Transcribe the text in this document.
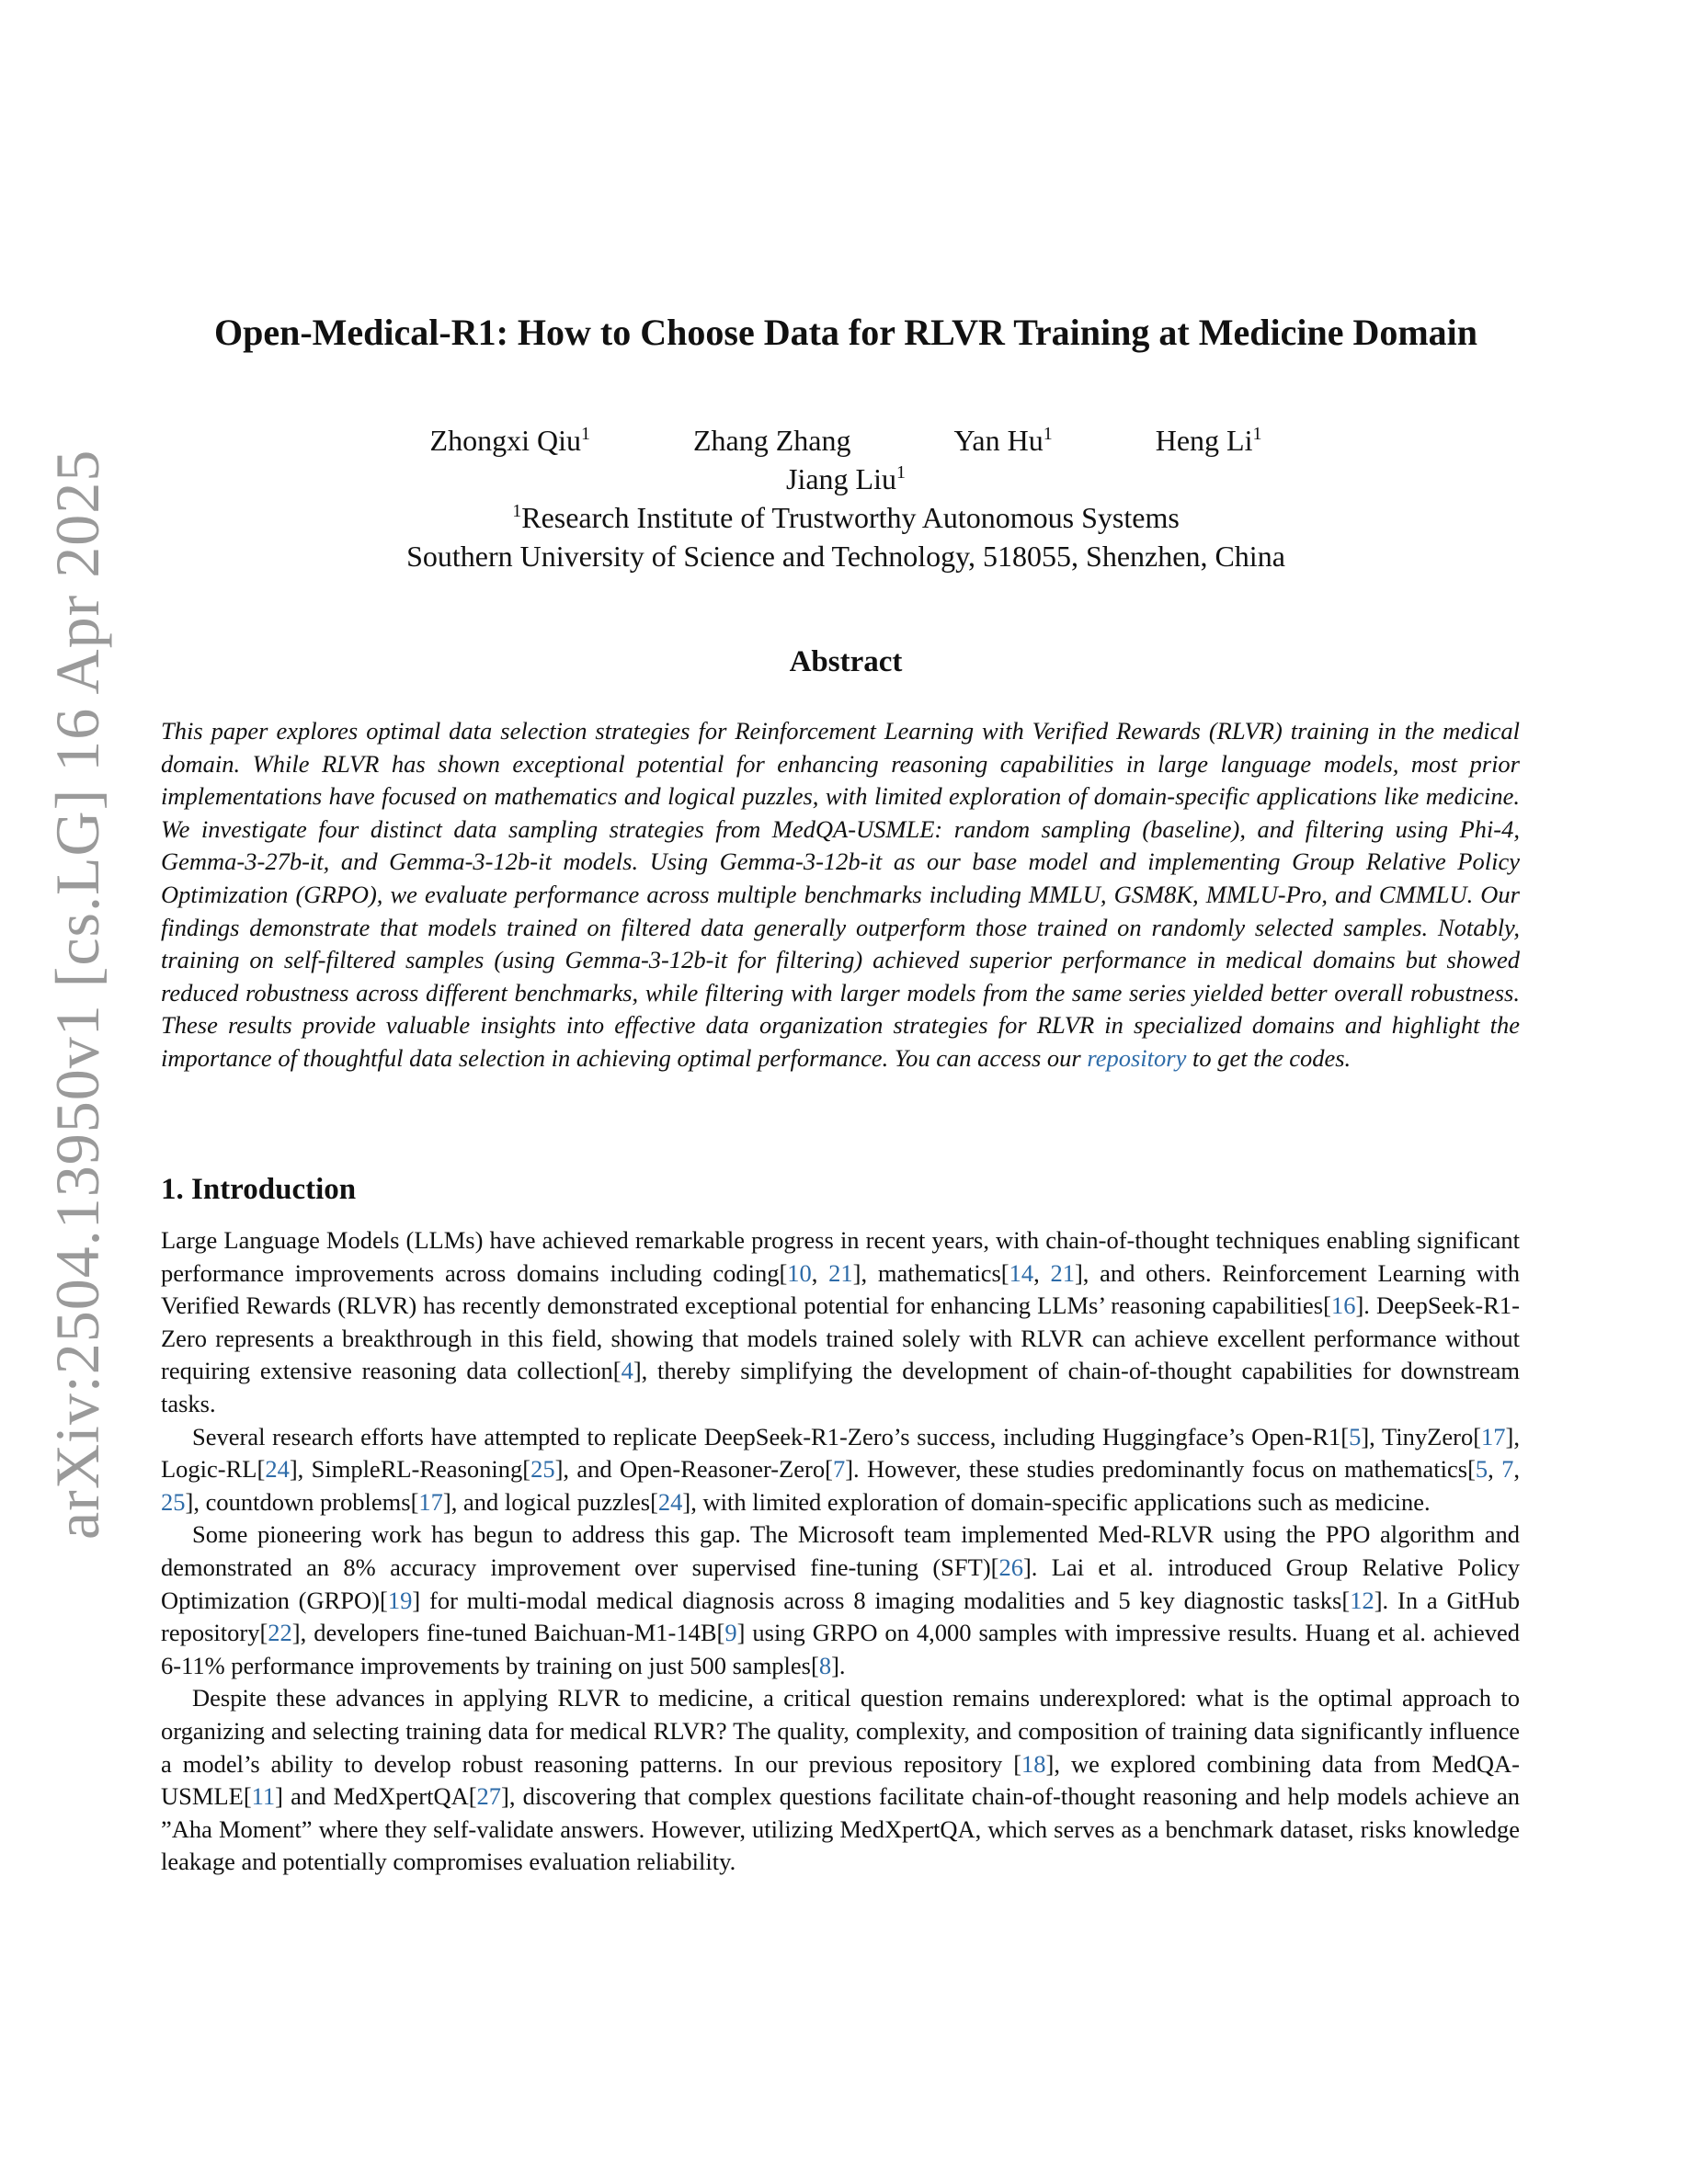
arXiv:2504.13950v1 [cs.LG] 16 Apr 2025
Open-Medical-R1: How to Choose Data for RLVR Training at Medicine Domain
Zhongxi Qiu$^1$	Zhang Zhang	Yan Hu$^1$	Heng Li$^1$
Jiang Liu$^1$
$^1$Research Institute of Trustworthy Autonomous Systems
Southern University of Science and Technology, 518055, Shenzhen, China
Abstract
This paper explores optimal data selection strategies for Reinforcement Learning with Verified Rewards (RLVR) training in the medical domain. While RLVR has shown exceptional potential for enhancing reasoning capabilities in large language models, most prior implementations have focused on mathematics and logical puzzles, with limited exploration of domain-specific applications like medicine. We investigate four distinct data sampling strategies from MedQA-USMLE: random sampling (baseline), and filtering using Phi-4, Gemma-3-27b-it, and Gemma-3-12b-it models. Using Gemma-3-12b-it as our base model and implementing Group Relative Policy Optimization (GRPO), we evaluate performance across multiple benchmarks including MMLU, GSM8K, MMLU-Pro, and CMMLU. Our findings demonstrate that models trained on filtered data generally outperform those trained on randomly selected samples. Notably, training on self-filtered samples (using Gemma-3-12b-it for filtering) achieved superior performance in medical domains but showed reduced robustness across different benchmarks, while filtering with larger models from the same series yielded better overall robustness. These results provide valuable insights into effective data organization strategies for RLVR in specialized domains and highlight the importance of thoughtful data selection in achieving optimal performance. You can access our repository to get the codes.
1. Introduction

Large Language Models (LLMs) have achieved remarkable progress in recent years, with chain-of-thought techniques enabling significant performance improvements across domains including coding[10, 21], mathematics[14, 21], and others. Reinforcement Learning with Verified Rewards (RLVR) has recently demonstrated exceptional potential for enhancing LLMs’ reasoning capabilities[16]. DeepSeek-R1-Zero represents a breakthrough in this field, showing that models trained solely with RLVR can achieve excellent performance without requiring extensive reasoning data collection[4], thereby simplifying the development of chain-of-thought capabilities for downstream tasks.

Several research efforts have attempted to replicate DeepSeek-R1-Zero’s success, including Huggingface’s Open-R1[5], TinyZero[17], Logic-RL[24], SimpleRL-Reasoning[25], and Open-Reasoner-Zero[7]. However, these studies predominantly focus on mathematics[5, 7, 25], countdown problems[17], and logical puzzles[24], with limited exploration of domain-specific applications such as medicine.

Some pioneering work has begun to address this gap. The Microsoft team implemented Med-RLVR using the PPO algorithm and demonstrated an 8% accuracy improvement over supervised fine-tuning (SFT)[26]. Lai et al. introduced Group Relative Policy Optimization (GRPO)[19] for multi-modal medical diagnosis across 8 imaging modalities and 5 key diagnostic tasks[12]. In a GitHub repository[22], developers fine-tuned Baichuan-M1-14B[9] using GRPO on 4,000 samples with impressive results. Huang et al. achieved 6-11% performance improvements by training on just 500 samples[8].

Despite these advances in applying RLVR to medicine, a critical question remains underexplored: what is the optimal approach to organizing and selecting training data for medical RLVR? The quality, complexity, and composition of training data significantly influence a model’s ability to develop robust reasoning patterns. In our previous repository [18], we explored combining data from MedQA-USMLE[11] and MedXpertQA[27], discovering that complex questions facilitate chain-of-thought reasoning and help models achieve an ”Aha Moment” where they self-validate answers. However, utilizing MedXpertQA, which serves as a benchmark dataset, risks knowledge leakage and potentially compromises evaluation reliability.
